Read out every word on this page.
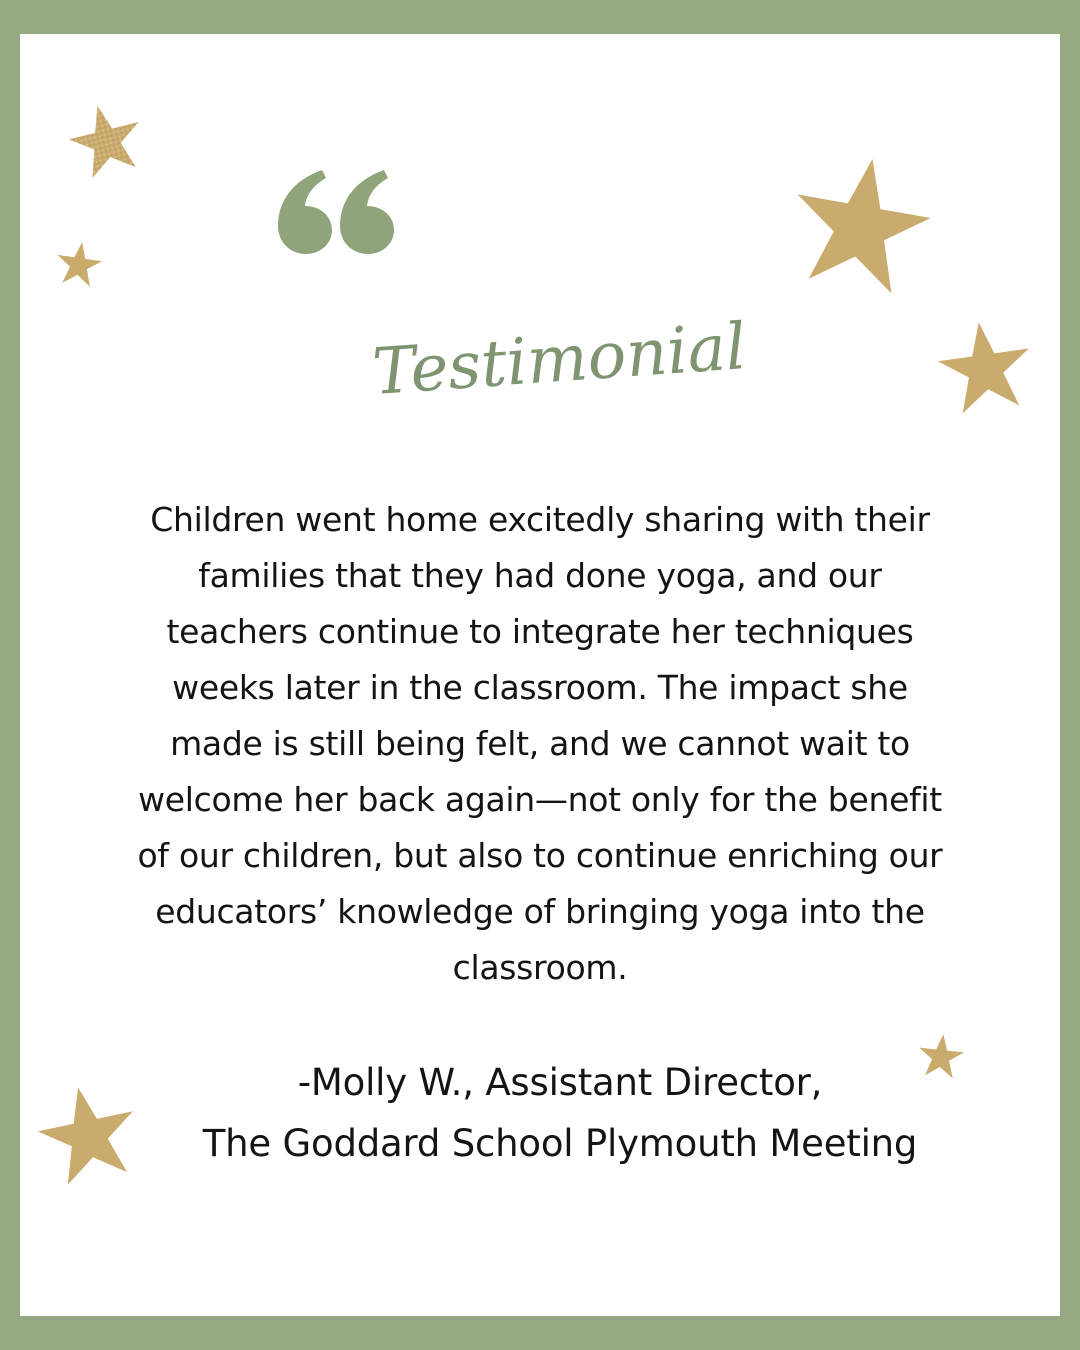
Testimonial

Children went home excitedly sharing with their
families that they had done yoga, and our
teachers continue to integrate her techniques
weeks later in the classroom. The impact she
made is still being felt, and we cannot wait to
welcome her back again—not only for the benefit
of our children, but also to continue enriching our
educators’ knowledge of bringing yoga into the
classroom.

-Molly W., Assistant Director,
The Goddard School Plymouth Meeting
